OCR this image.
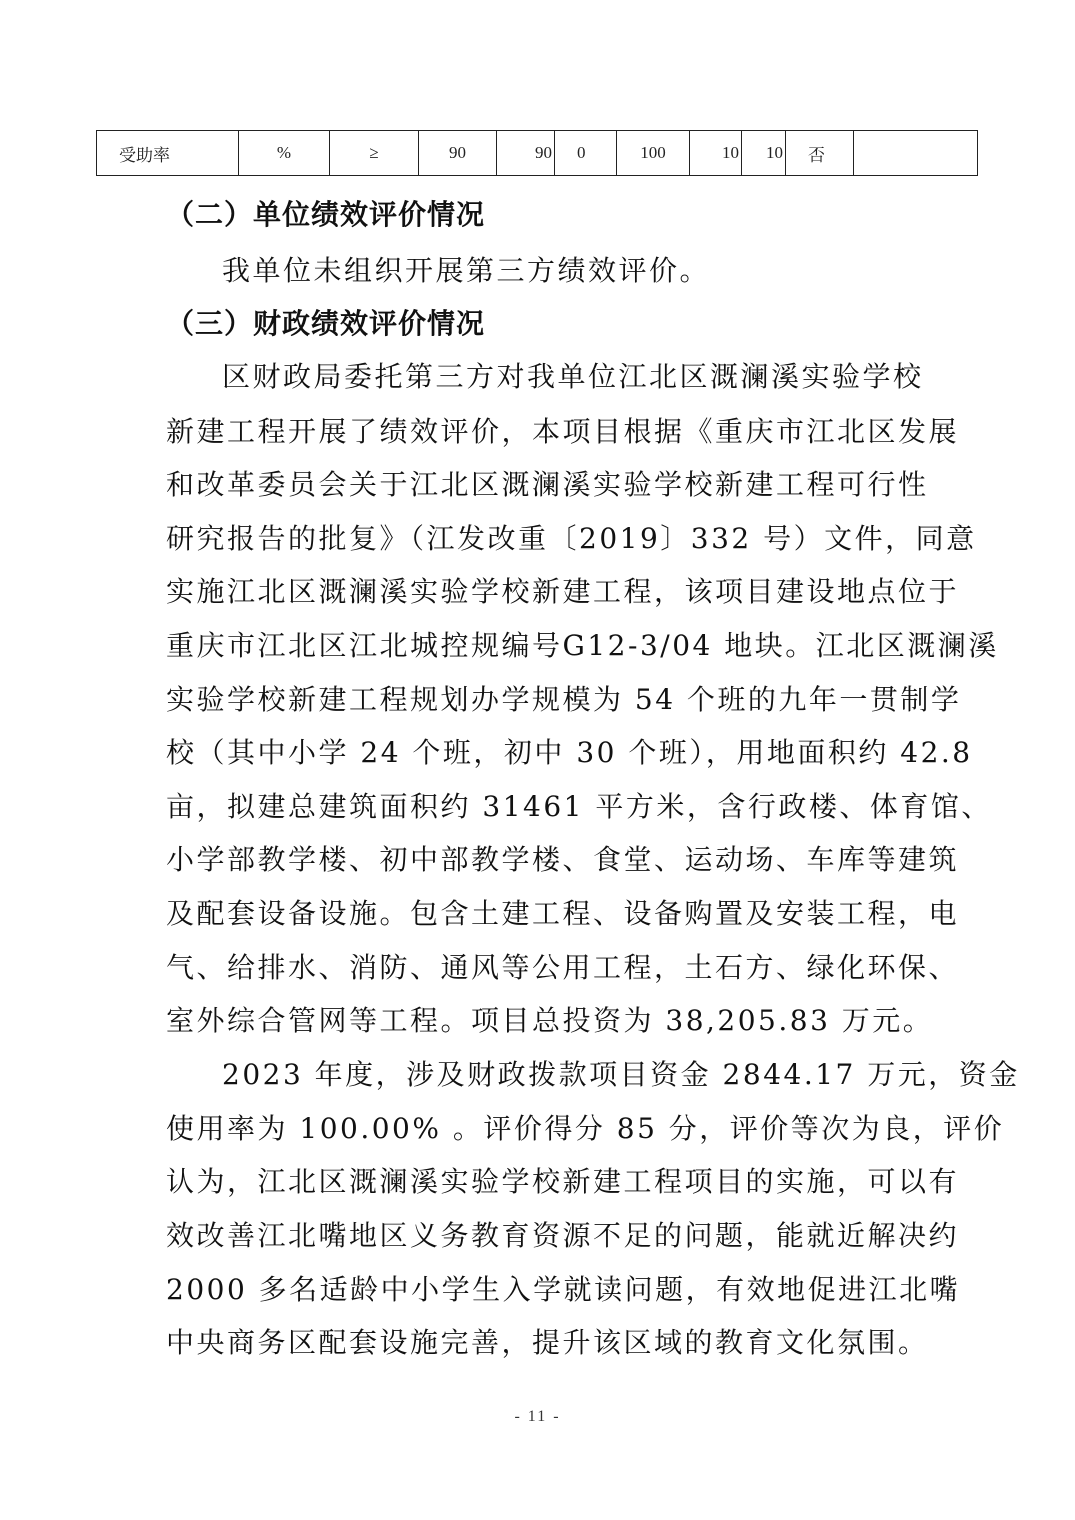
受助率	%	≥	90	90	0	100	10	10	否
（二）单位绩效评价情况
我单位未组织开展第三方绩效评价。
（三）财政绩效评价情况
区财政局委托第三方对我单位江北区溉澜溪实验学校
新建工程开展了绩效评价，本项目根据《重庆市江北区发展
和改革委员会关于江北区溉澜溪实验学校新建工程可行性
研究报告的批复》（江发改重〔2019〕332 号）文件，同意
实施江北区溉澜溪实验学校新建工程，该项目建设地点位于
重庆市江北区江北城控规编号G12-3/04 地块。江北区溉澜溪
实验学校新建工程规划办学规模为 54 个班的九年一贯制学
校（其中小学 24 个班，初中 30 个班），用地面积约 42.8
亩，拟建总建筑面积约 31461 平方米，含行政楼、体育馆、
小学部教学楼、初中部教学楼、食堂、运动场、车库等建筑
及配套设备设施。包含土建工程、设备购置及安装工程，电
气、给排水、消防、通风等公用工程，土石方、绿化环保、
室外综合管网等工程。项目总投资为 38,205.83 万元。
2023 年度，涉及财政拨款项目资金 2844.17 万元，资金
使用率为 100.00% 。评价得分 85 分，评价等次为良，评价
认为，江北区溉澜溪实验学校新建工程项目的实施，可以有
效改善江北嘴地区义务教育资源不足的问题，能就近解决约
2000 多名适龄中小学生入学就读问题，有效地促进江北嘴
中央商务区配套设施完善，提升该区域的教育文化氛围。
- 11 -
